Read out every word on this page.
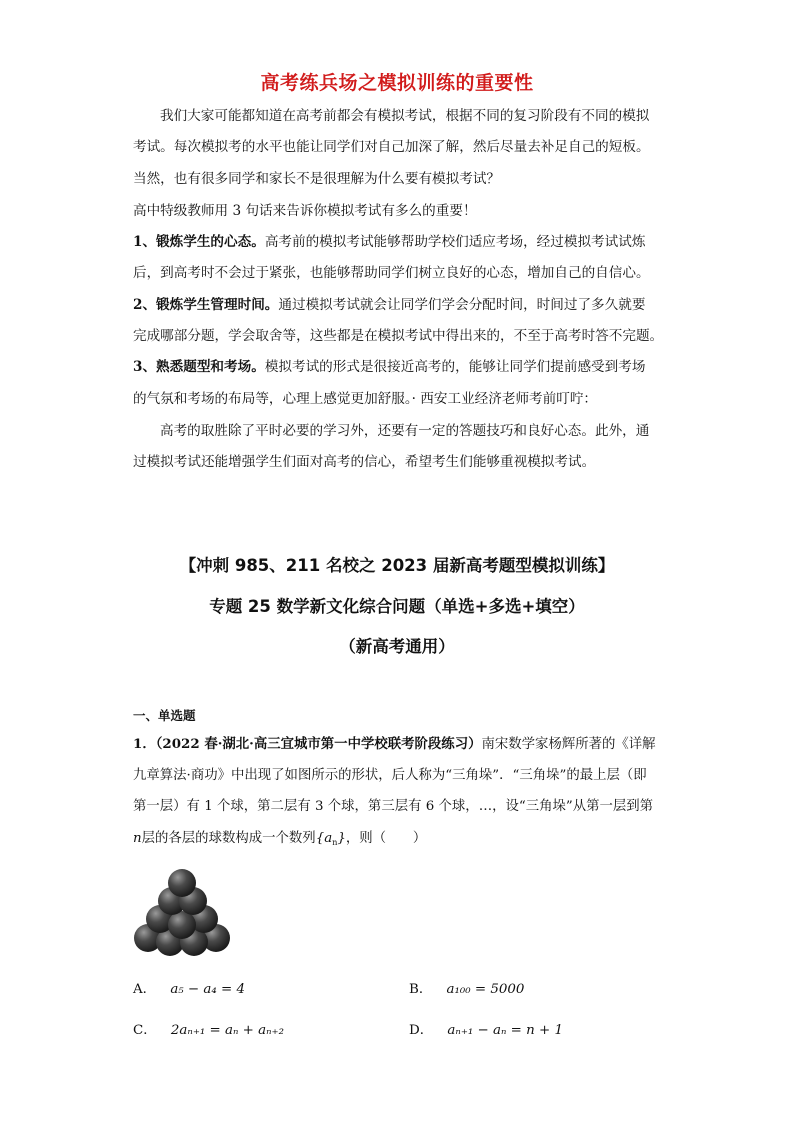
高考练兵场之模拟训练的重要性
我们大家可能都知道在高考前都会有模拟考试，根据不同的复习阶段有不同的模拟
考试。每次模拟考的水平也能让同学们对自己加深了解，然后尽量去补足自己的短板。
当然，也有很多同学和家长不是很理解为什么要有模拟考试？
高中特级教师用 3 句话来告诉你模拟考试有多么的重要！
1、锻炼学生的心态。高考前的模拟考试能够帮助学校们适应考场，经过模拟考试试炼
后，到高考时不会过于紧张，也能够帮助同学们树立良好的心态，增加自己的自信心。
2、锻炼学生管理时间。通过模拟考试就会让同学们学会分配时间，时间过了多久就要
完成哪部分题，学会取舍等，这些都是在模拟考试中得出来的，不至于高考时答不完题。
3、熟悉题型和考场。模拟考试的形式是很接近高考的，能够让同学们提前感受到考场
的气氛和考场的布局等，心理上感觉更加舒服。· 西安工业经济老师考前叮咛：
高考的取胜除了平时必要的学习外，还要有一定的答题技巧和良好心态。此外，通
过模拟考试还能增强学生们面对高考的信心，希望考生们能够重视模拟考试。
【冲刺 985、211 名校之 2023 届新高考题型模拟训练】
专题 25 数学新文化综合问题（单选+多选+填空）
（新高考通用）
一、单选题
1．（2022 春·湖北·高三宜城市第一中学校联考阶段练习）南宋数学家杨辉所著的《详解
九章算法·商功》中出现了如图所示的形状，后人称为“三角垛”．“三角垛”的最上层（即
第一层）有 1 个球，第二层有 3 个球，第三层有 6 个球，…，设“三角垛”从第一层到第
n层的各层的球数构成一个数列$\{a_n\}$，则（　　）
A． a₅ − a₄ = 4	B． a₁₀₀ = 5000
C． 2aₙ₊₁ = aₙ + aₙ₊₂	D． aₙ₊₁ − aₙ = n + 1
